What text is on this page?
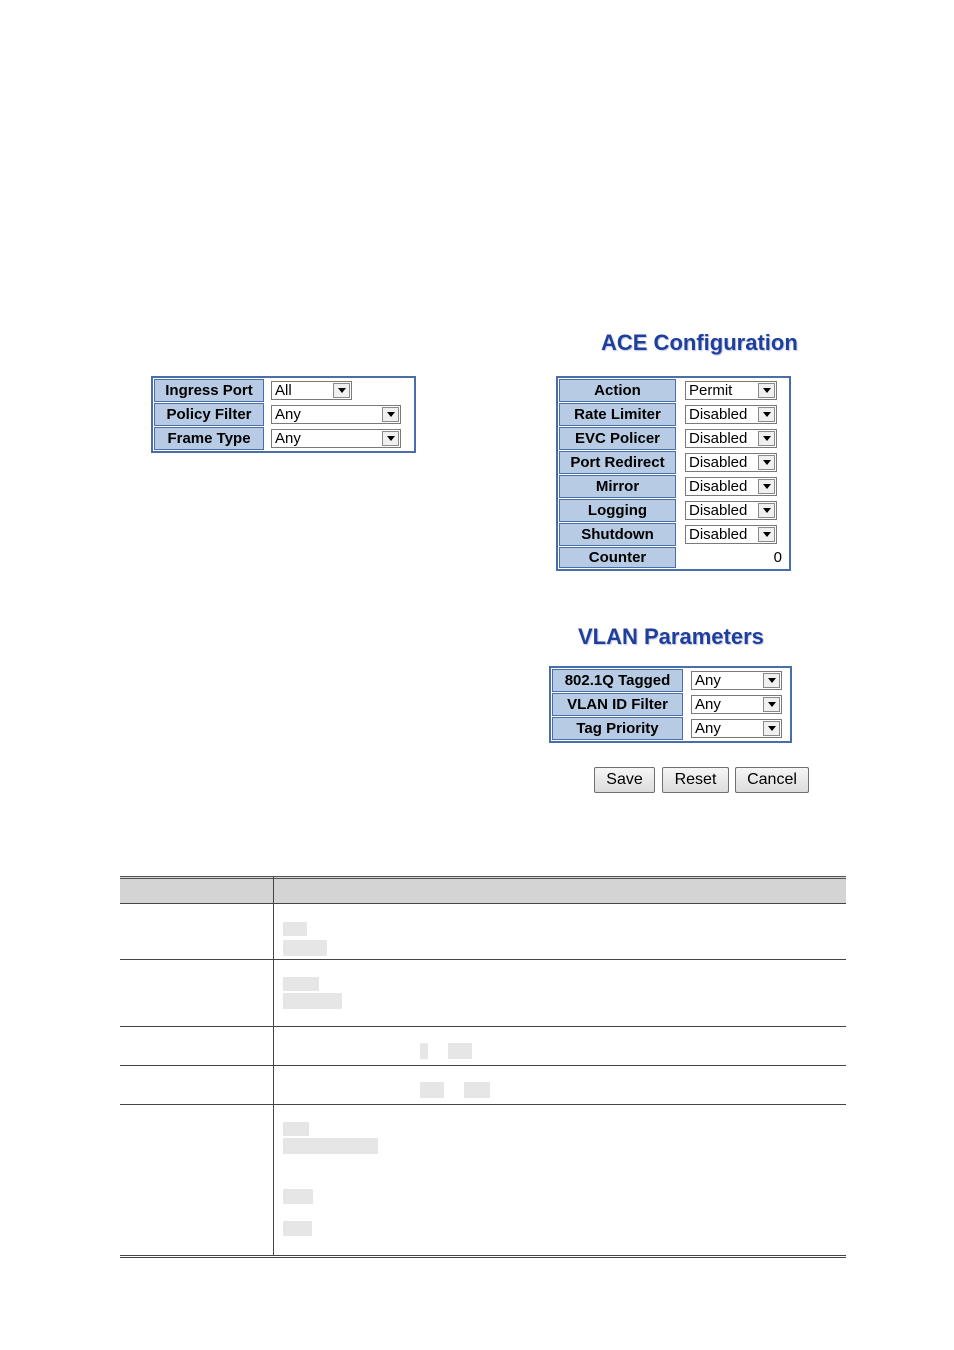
ACE Configuration
Ingress Port	All

Policy Filter	Any

Frame Type	Any
Action	Permit

Rate Limiter	Disabled

EVC Policer	Disabled

Port Redirect	Disabled

Mirror	Disabled

Logging	Disabled

Shutdown	Disabled

Counter	0
VLAN Parameters
802.1Q Tagged	Any

VLAN ID Filter	Any

Tag Priority	Any
Save	Reset	Cancel
